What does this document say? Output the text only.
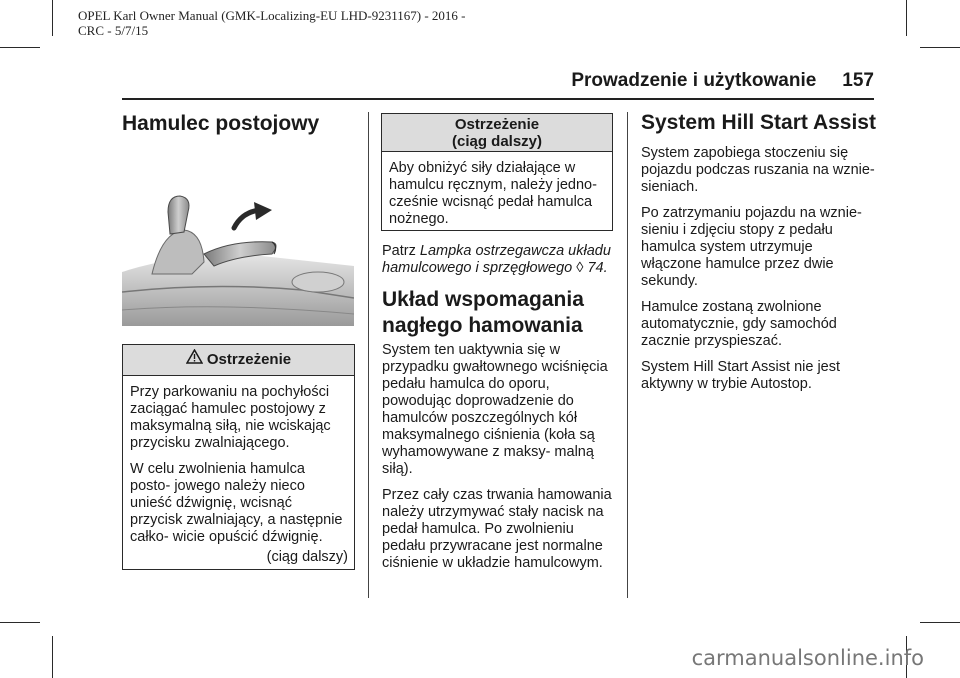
OPEL Karl Owner Manual (GMK-Localizing-EU LHD-9231167) - 2016 -
CRC - 5/7/15
Prowadzenie i użytkowanie 157
Hamulec postojowy
Ostrzeżenie

Przy parkowaniu na pochyłości zaciągać hamulec postojowy z maksymalną siłą, nie wciskając przycisku zwalniającego.

W celu zwolnienia hamulca posto- jowego należy nieco unieść dźwignię, wcisnąć przycisk zwalniający, a następnie całko- wicie opuścić dźwignię.

(ciąg dalszy)
Ostrzeżenie
(ciąg dalszy)

Aby obniżyć siły działające w hamulcu ręcznym, należy jedno- cześnie wcisnąć pedał hamulca nożnego.

Patrz Lampka ostrzegawcza układu hamulcowego i sprzęgłowego ◊ 74.

Układ wspomagania
nagłego hamowania

System ten uaktywnia się w przypadku gwałtownego wciśnięcia pedału hamulca do oporu, powodując doprowadzenie do hamulców poszczególnych kół maksymalnego ciśnienia (koła są wyhamowywane z maksy- malną siłą).

Przez cały czas trwania hamowania należy utrzymywać stały nacisk na pedał hamulca. Po zwolnieniu pedału przywracane jest normalne ciśnienie w układzie hamulcowym.

System Hill Start Assist

System zapobiega stoczeniu się pojazdu podczas ruszania na wznie- sieniach.

Po zatrzymaniu pojazdu na wznie- sieniu i zdjęciu stopy z pedału hamulca system utrzymuje włączone hamulce przez dwie sekundy.

Hamulce zostaną zwolnione automatycznie, gdy samochód zacznie przyspieszać.

System Hill Start Assist nie jest aktywny w trybie Autostop.

carmanualsonline.info
